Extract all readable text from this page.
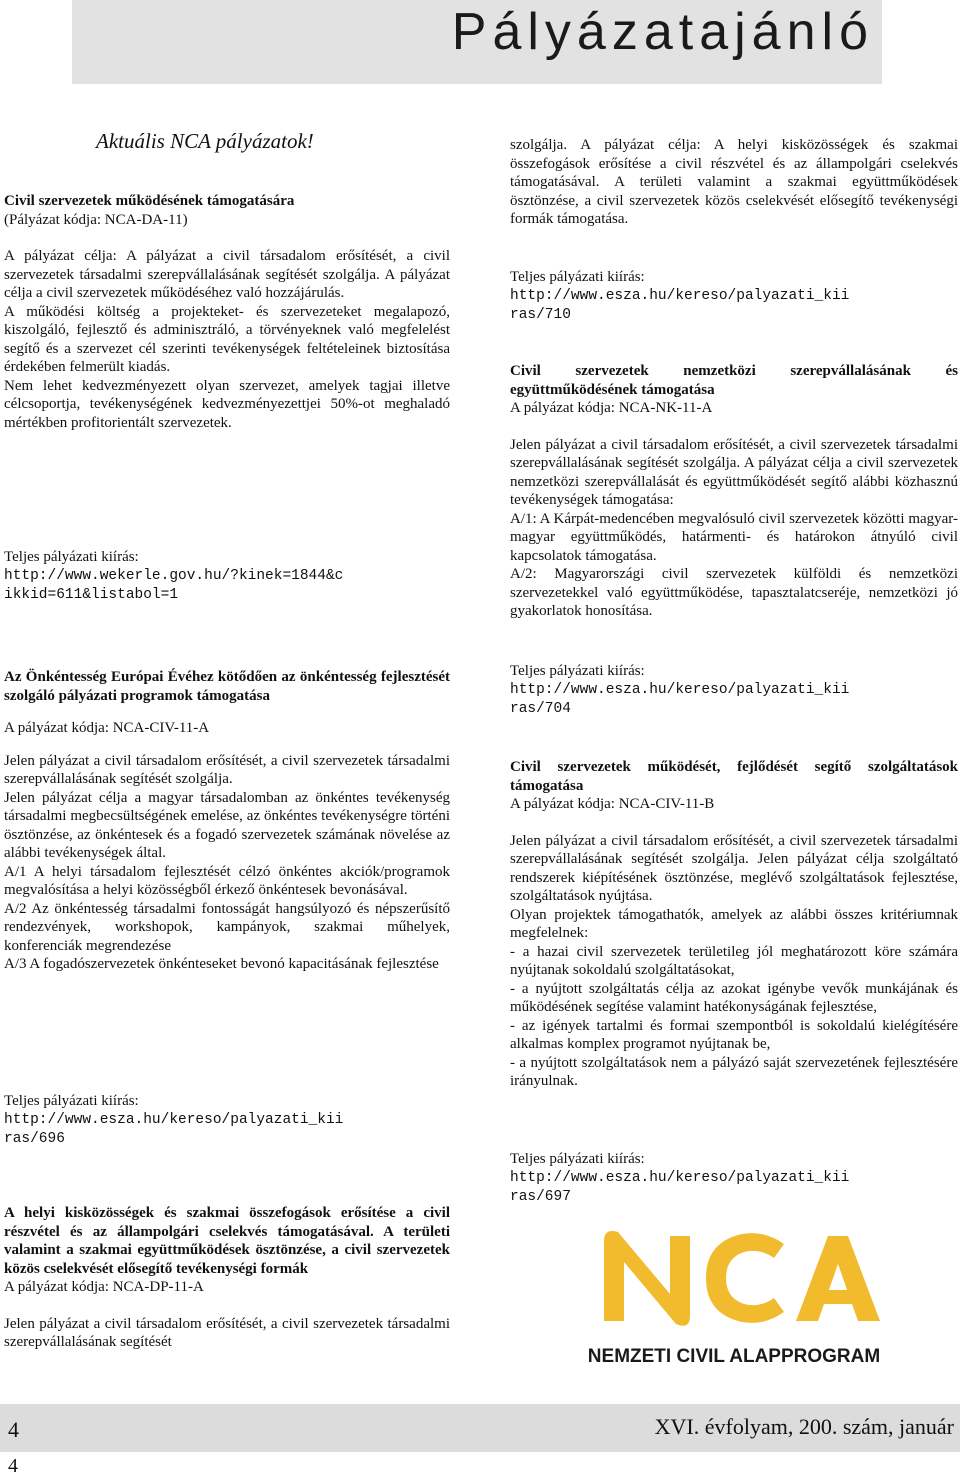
Pályázatajánló
Aktuális NCA pályázatok!

Civil szervezetek működésének támogatására

(Pályázat kódja: NCA-DA-11)

A pályázat célja: A pályázat a civil társadalom erősítését, a civil szervezetek társadalmi szerepvállalásának segítését szolgálja. A pályázat célja a civil szervezetek működéséhez való hozzájárulás.

A működési költség a projekteket- és szervezeteket megalapozó, kiszolgáló, fejlesztő és adminisztráló, a törvényeknek való megfelelést segítő és a szervezet cél szerinti tevékenységek feltételeinek biztosítása érdekében felmerült kiadás.

Nem lehet kedvezményezett olyan szervezet, amelyek tagjai illetve célcsoportja, tevékenységének kedvezményezettjei 50%-ot meghaladó mértékben profitorientált szervezetek.

Teljes pályázati kiírás:
http://www.wekerle.gov.hu/?kinek=1844&c
ikkid=611&listabol=1

Az Önkéntesség Európai Évéhez kötődően az önkéntesség fejlesztését szolgáló pályázati programok támogatása

A pályázat kódja: NCA-CIV-11-A

Jelen pályázat a civil társadalom erősítését, a civil szervezetek társadalmi szerepvállalásának segítését szolgálja.

Jelen pályázat célja a magyar társadalomban az önkéntes tevékenység társadalmi megbecsültségének emelése, az önkéntes tevékenységre történi ösztönzése, az önkéntesek és a fogadó szervezetek számának növelése az alábbi tevékenységek által.

A/1 A helyi társadalom fejlesztését célzó önkéntes akciók/programok megvalósítása a helyi közösségből érkező önkéntesek bevonásával.

A/2 Az önkéntesség társadalmi fontosságát hangsúlyozó és népszerűsítő rendezvények, workshopok, kampányok, szakmai műhelyek, konferenciák megrendezése

A/3 A fogadószervezetek önkénteseket bevonó kapacitásának fejlesztése

Teljes pályázati kiírás:
http://www.esza.hu/kereso/palyazati_kii
ras/696

A helyi kisközösségek és szakmai összefogások erősítése a civil részvétel és az állampolgári cselekvés támogatásával. A területi valamint a szakmai együttműködések ösztönzése, a civil szervezetek közös cselekvését elősegítő tevékenységi formák

A pályázat kódja: NCA-DP-11-A

Jelen pályázat a civil társadalom erősítését, a civil szervezetek társadalmi szerepvállalásának segítését

szolgálja. A pályázat célja: A helyi kisközösségek és szakmai összefogások erősítése a civil részvétel és az állampolgári cselekvés támogatásával. A területi valamint a szakmai együttműködések ösztönzése, a civil szervezetek közös cselekvését elősegítő tevékenységi formák támogatása.

Teljes pályázati kiírás:
http://www.esza.hu/kereso/palyazati_kii
ras/710

Civil szervezetek nemzetközi szerepvállalásának és együttműködésének támogatása

A pályázat kódja: NCA-NK-11-A

Jelen pályázat a civil társadalom erősítését, a civil szervezetek társadalmi szerepvállalásának segítését szolgálja. A pályázat célja a civil szervezetek nemzetközi szerepvállalását és együttműködését segítő alábbi közhasznú tevékenységek támogatása:

A/1: A Kárpát-medencében megvalósuló civil szervezetek közötti magyar-magyar együttműködés, határmenti- és határokon átnyúló civil kapcsolatok támogatása.

A/2: Magyarországi civil szervezetek külföldi és nemzetközi szervezetekkel való együttműködése, tapasztalatcseréje, nemzetközi jó gyakorlatok honosítása.

Teljes pályázati kiírás:
http://www.esza.hu/kereso/palyazati_kii
ras/704

Civil szervezetek működését, fejlődését segítő szolgáltatások támogatása

A pályázat kódja: NCA-CIV-11-B

Jelen pályázat a civil társadalom erősítését, a civil szervezetek társadalmi szerepvállalásának segítését szolgálja. Jelen pályázat célja szolgáltató rendszerek kiépítésének ösztönzése, meglévő szolgáltatások fejlesztése, szolgáltatások nyújtása.

Olyan projektek támogathatók, amelyek az alábbi összes kritériumnak megfelelnek:

- a hazai civil szervezetek területileg jól meghatározott köre számára nyújtanak sokoldalú szolgáltatásokat,

- a nyújtott szolgáltatás célja az azokat igénybe vevők munkájának és működésének segítése valamint hatékonyságának fejlesztése,

- az igények tartalmi és formai szempontból is sokoldalú kielégítésére alkalmas komplex programot nyújtanak be,

- a nyújtott szolgáltatások nem a pályázó saját szervezetének fejlesztésére irányulnak.

Teljes pályázati kiírás:
http://www.esza.hu/kereso/palyazati_kii
ras/697
NEMZETI CIVIL ALAPPROGRAM
4	XVI. évfolyam, 200. szám, január
4
